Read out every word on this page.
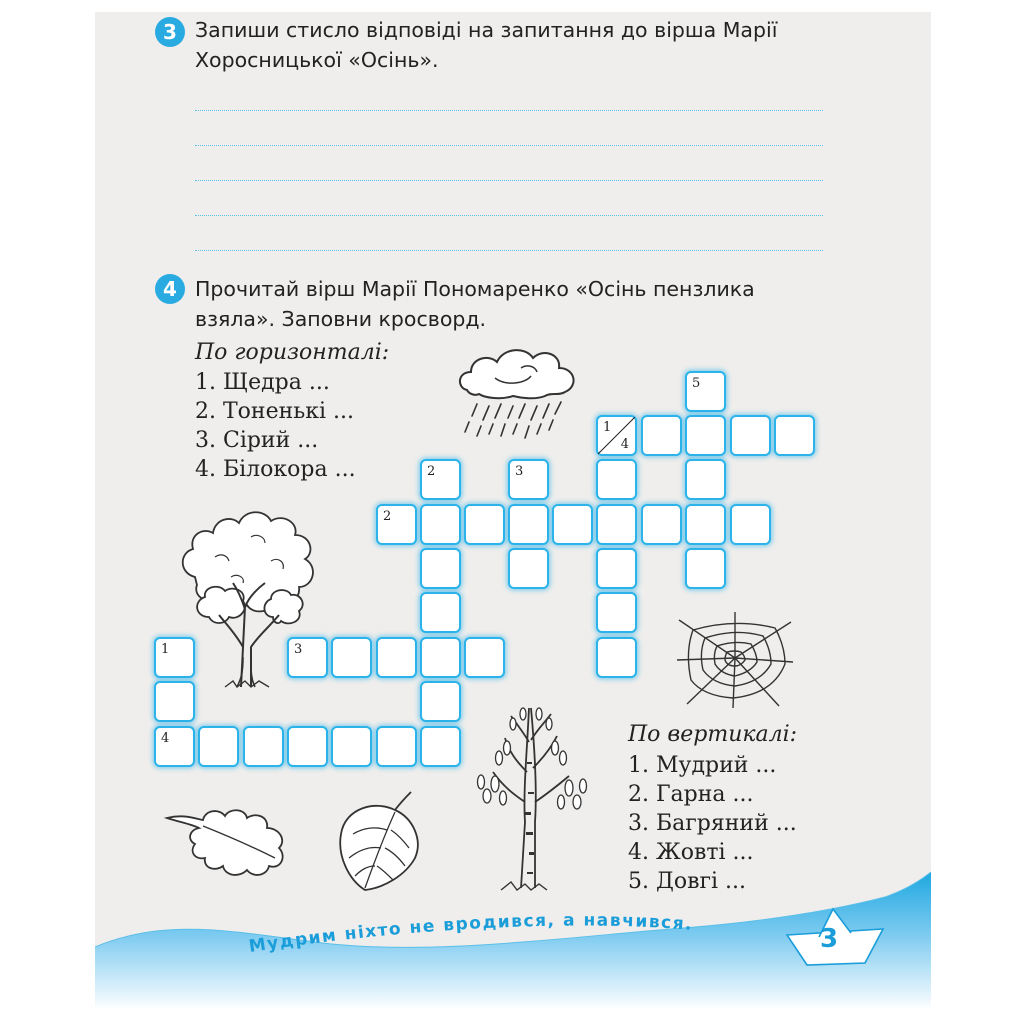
3 Запиши стисло відповіді на запитання до вірша Марії
Хоросницької «Осінь».
4 Прочитай вірш Марії Пономаренко «Осінь пензлика
взяла». Заповни кросворд.
По горизонталі:
1. Щедра ...
2. Тоненькі ...
3. Сірий ...
4. Білокора ...
По вертикалі:
1. Мудрий ...
2. Гарна ...
3. Багряний ...
4. Жовті ...
5. Довгі ...
5
1
4
2	3
2
1	3
4
Мудрим ніхто не вродився, а навчився.	3
